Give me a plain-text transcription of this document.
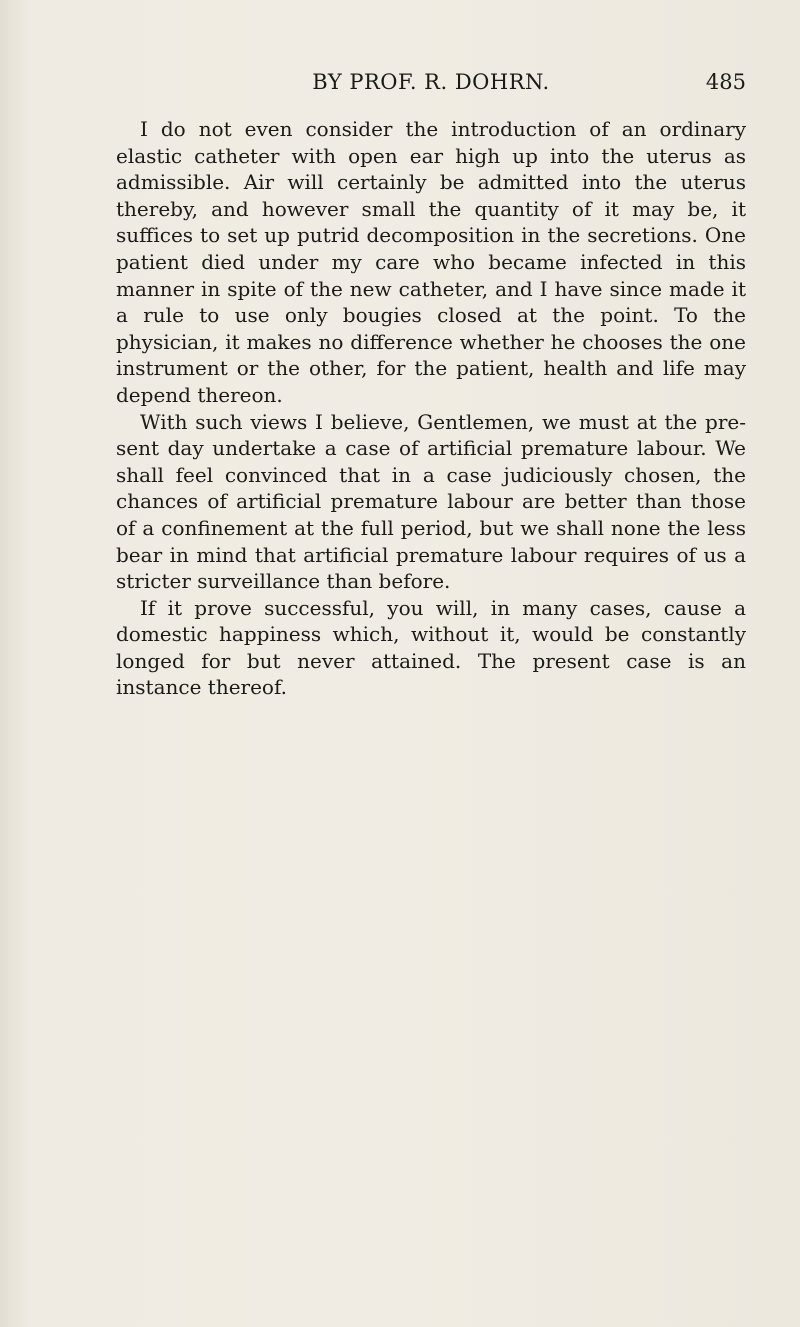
BY PROF. R. DOHRN.	485

I do not even consider the introduction of an ordinary elastic catheter with open ear high up into the uterus as admissible. Air will certainly be admitted into the uterus thereby, and however small the quantity of it may be, it suffices to set up putrid decomposition in the secretions. One patient died under my care who became infected in this manner in spite of the new catheter, and I have since made it a rule to use only bougies closed at the point. To the physician, it makes no difference whether he chooses the one instrument or the other, for the patient, health and life may depend thereon.

With such views I believe, Gentlemen, we must at the present day undertake a case of artificial premature labour. We shall feel convinced that in a case judiciously chosen, the chances of artificial premature labour are better than those of a confinement at the full period, but we shall none the less bear in mind that artificial premature labour requires of us a stricter surveillance than before.

If it prove successful, you will, in many cases, cause a domestic happiness which, without it, would be constantly longed for but never attained. The present case is an instance thereof.
